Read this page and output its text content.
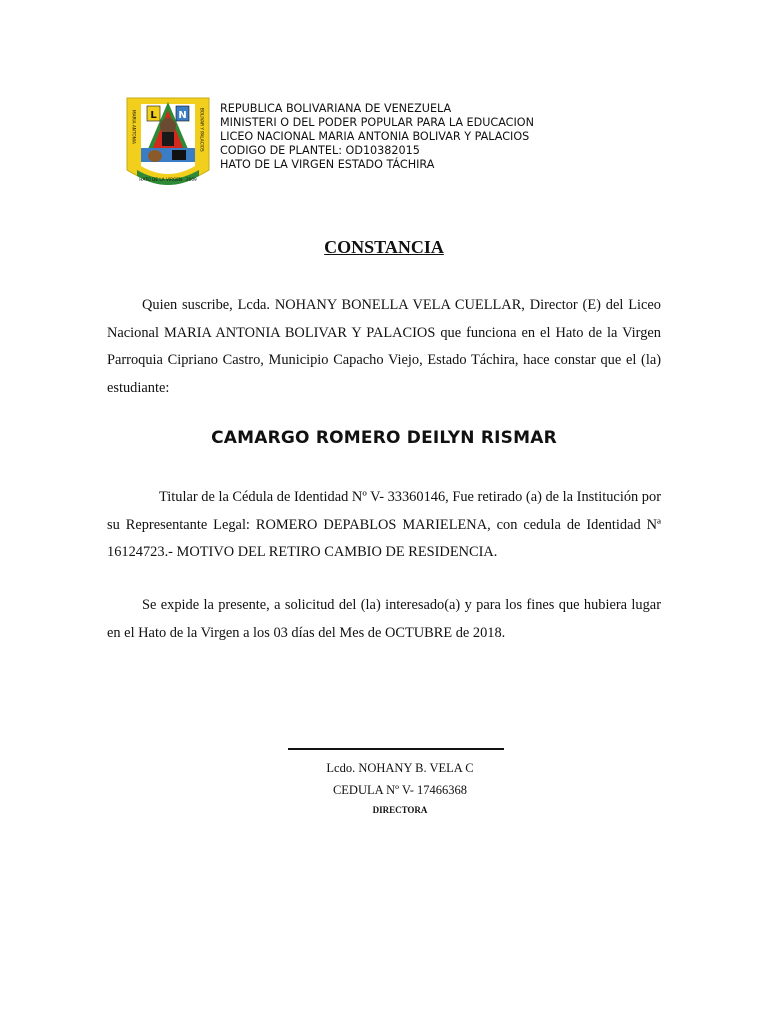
L N
HATO DE LA VIRGEN · 2009
MARIA ANTONIA	BOLIVAR Y PALACIOS REPUBLICA BOLIVARIANA DE VENEZUELA
MINISTERI O DEL PODER POPULAR PARA LA EDUCACION
LICEO NACIONAL MARIA ANTONIA BOLIVAR Y PALACIOS
CODIGO DE PLANTEL: OD10382015
HATO DE LA VIRGEN ESTADO TÁCHIRA
CONSTANCIA
Quien suscribe, Lcda. NOHANY BONELLA VELA CUELLAR, Director (E) del Liceo Nacional MARIA ANTONIA BOLIVAR Y PALACIOS que funciona en el Hato de la Virgen Parroquia Cipriano Castro, Municipio Capacho Viejo, Estado Táchira, hace constar que el (la) estudiante:
CAMARGO ROMERO DEILYN RISMAR
Titular de la Cédula de Identidad Nº V- 33360146, Fue retirado (a) de la Institución por su Representante Legal: ROMERO DEPABLOS MARIELENA, con cedula de Identidad Nª 16124723.- MOTIVO DEL RETIRO CAMBIO DE RESIDENCIA.
Se expide la presente, a solicitud del (la) interesado(a) y para los fines que hubiera lugar en el Hato de la Virgen a los 03 días del Mes de OCTUBRE de 2018.
Lcdo. NOHANY B. VELA C
CEDULA Nº V- 17466368
DIRECTORA
